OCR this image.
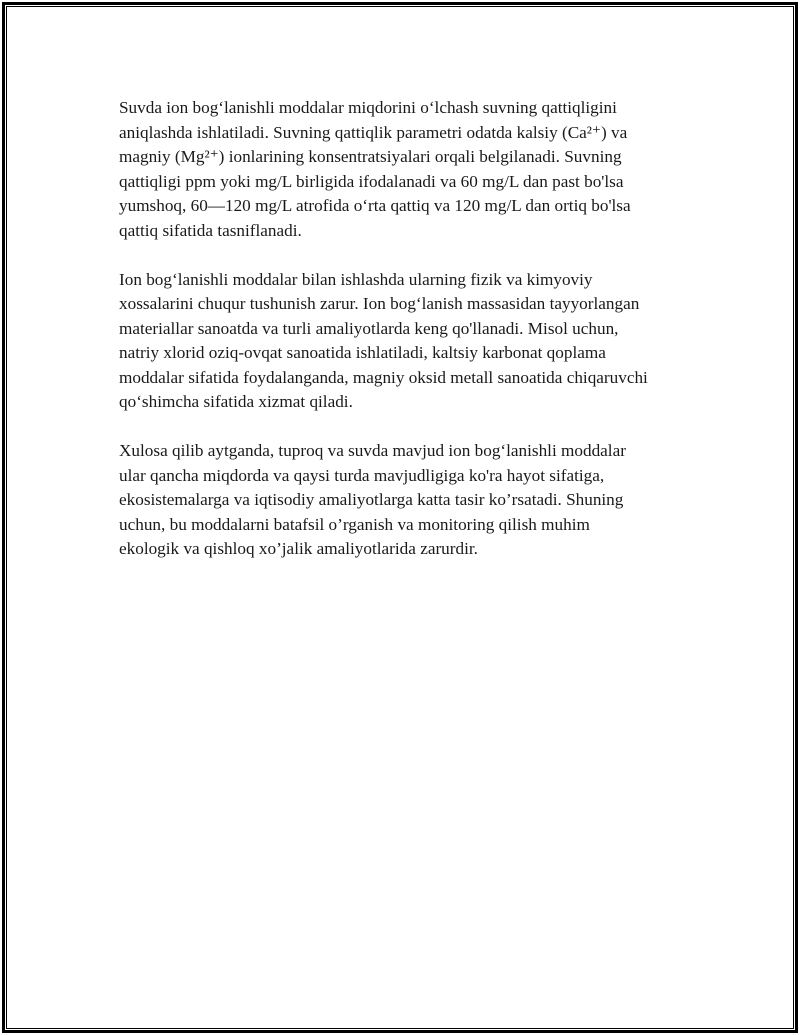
Suvda ion bog‘lanishli moddalar miqdorini o‘lchash suvning qattiqligini
aniqlashda ishlatiladi. Suvning qattiqlik parametri odatda kalsiy (Ca²⁺) va
magniy (Mg²⁺) ionlarining konsentratsiyalari orqali belgilanadi. Suvning
qattiqligi ppm yoki mg/L birligida ifodalanadi va 60 mg/L dan past bo'lsa
yumshoq, 60—120 mg/L atrofida o‘rta qattiq va 120 mg/L dan ortiq bo'lsa
qattiq sifatida tasniflanadi.

Ion bog‘lanishli moddalar bilan ishlashda ularning fizik va kimyoviy
xossalarini chuqur tushunish zarur. Ion bog‘lanish massasidan tayyorlangan
materiallar sanoatda va turli amaliyotlarda keng qo'llanadi. Misol uchun,
natriy xlorid oziq-ovqat sanoatida ishlatiladi, kaltsiy karbonat qoplama
moddalar sifatida foydalanganda, magniy oksid metall sanoatida chiqaruvchi
qo‘shimcha sifatida xizmat qiladi.

Xulosa qilib aytganda, tuproq va suvda mavjud ion bog‘lanishli moddalar
ular qancha miqdorda va qaysi turda mavjudligiga ko'ra hayot sifatiga,
ekosistemalarga va iqtisodiy amaliyotlarga katta tasir ko’rsatadi. Shuning
uchun, bu moddalarni batafsil o’rganish va monitoring qilish muhim
ekologik va qishloq xo’jalik amaliyotlarida zarurdir.
